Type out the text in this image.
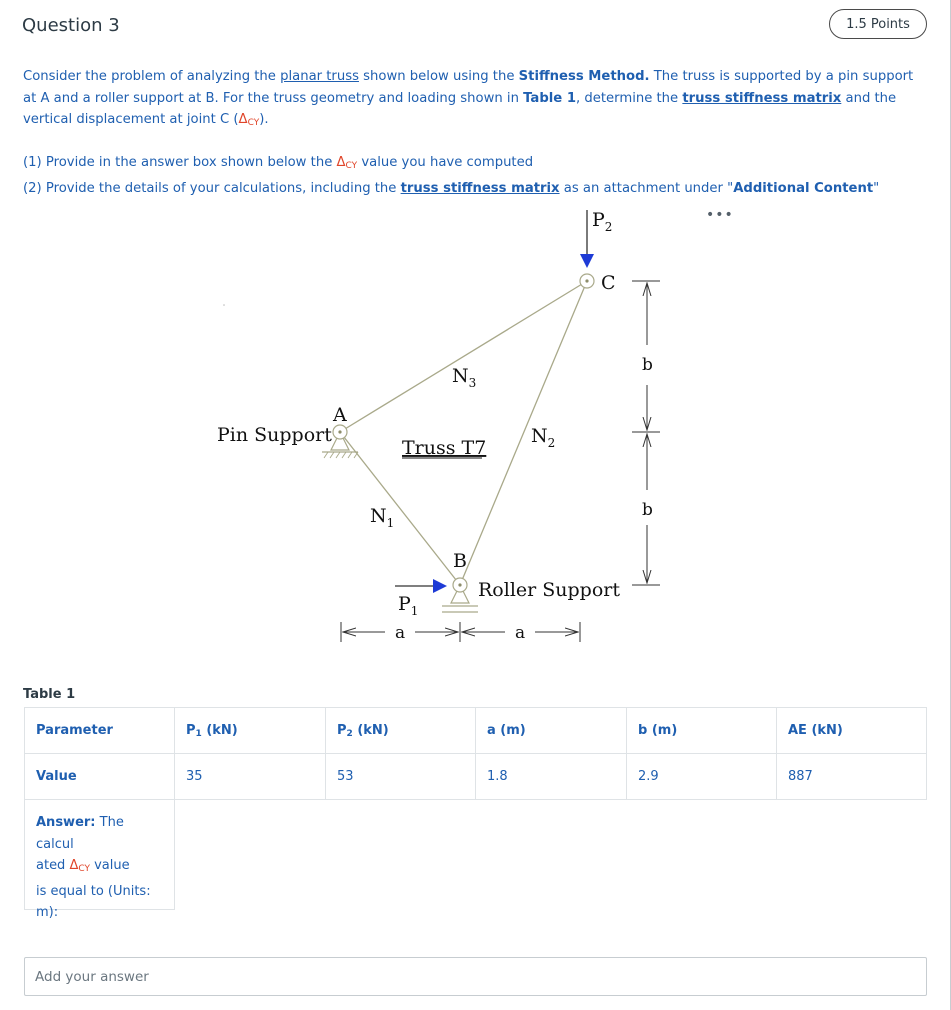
Question 3	1.5 Points

Consider the problem of analyzing the planar truss shown below using the Stiffness Method. The truss is supported by a pin support at A and a roller support at B. For the truss geometry and loading shown in Table 1, determine the truss stiffness matrix and the vertical displacement at joint C $(\Delta_{CY})$.

(1) Provide in the answer box shown below the $\Delta_{CY}$ value you have computed
(2) Provide the details of your calculations, including the truss stiffness matrix as an attachment under "Additional Content"

•••
$P_2$
$P_1$
Pin Support
A
B
C
Roller Support
Truss T7
$N_3$
$N_2$
$N_1$
a	a
b
b
Table 1
Parameter	$P_1$ (kN)	$P_2$ (kN)	a (m)	b (m)	AE (kN)
Value	35	53	1.8	2.9	887
Answer: The calcul
ated $\Delta_{CY}$ value
is equal to (Units:
m):
Add your answer
